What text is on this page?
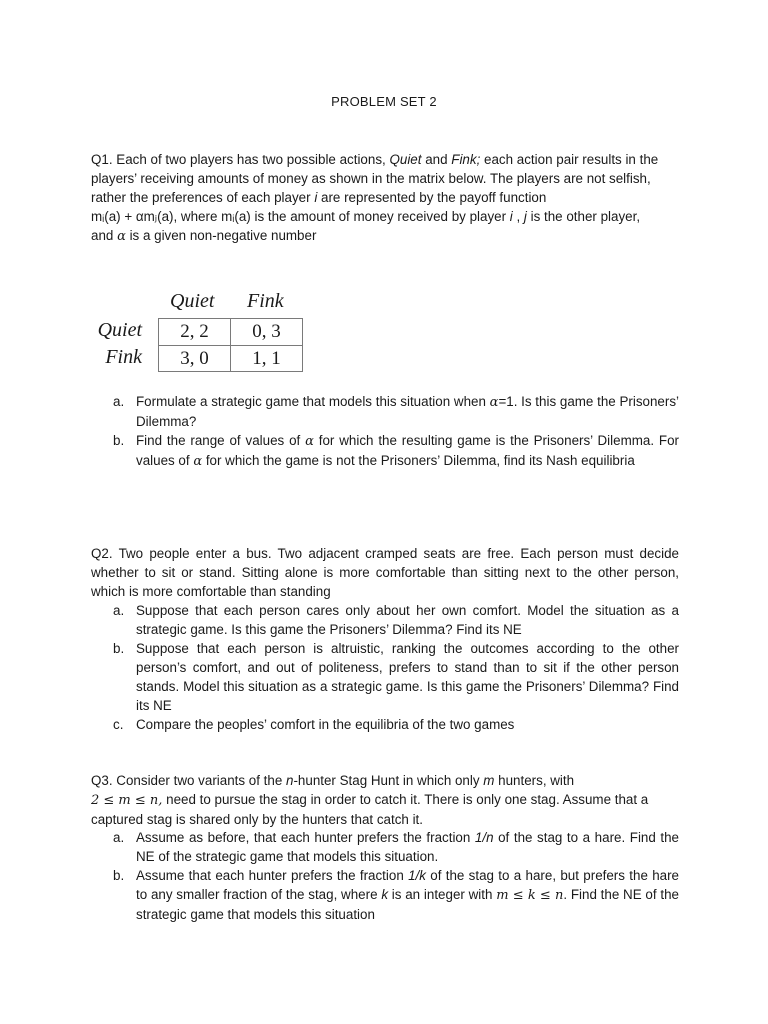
PROBLEM SET 2

Q1. Each of two players has two possible actions, Quiet and Fink; each action pair results in the players’ receiving amounts of money as shown in the matrix below. The players are not selfish, rather the preferences of each player i are represented by the payoff function
mᵢ(a) + αmⱼ(a), where mᵢ(a) is the amount of money received by player i , j is the other player,
and α is a given non-negative number

Quiet Fink
Quiet
Fink
2, 2	0, 3
3, 0	1, 1
a. Formulate a strategic game that models this situation when α=1. Is this game the Prisoners’ Dilemma?
b. Find the range of values of α for which the resulting game is the Prisoners’ Dilemma. For values of α for which the game is not the Prisoners’ Dilemma, find its Nash equilibria

Q2. Two people enter a bus. Two adjacent cramped seats are free. Each person must decide whether to sit or stand. Sitting alone is more comfortable than sitting next to the other person, which is more comfortable than standing

a. Suppose that each person cares only about her own comfort. Model the situation as a strategic game. Is this game the Prisoners’ Dilemma? Find its NE
b. Suppose that each person is altruistic, ranking the outcomes according to the other person’s comfort, and out of politeness, prefers to stand than to sit if the other person stands. Model this situation as a strategic game. Is this game the Prisoners’ Dilemma? Find its NE
c. Compare the peoples’ comfort in the equilibria of the two games

Q3. Consider two variants of the n-hunter Stag Hunt in which only m hunters, with
2 ≤ m ≤ n, need to pursue the stag in order to catch it. There is only one stag. Assume that a captured stag is shared only by the hunters that catch it.

a. Assume as before, that each hunter prefers the fraction 1/n of the stag to a hare. Find the NE of the strategic game that models this situation.
b. Assume that each hunter prefers the fraction 1/k of the stag to a hare, but prefers the hare to any smaller fraction of the stag, where k is an integer with m ≤ k ≤ n. Find the NE of the strategic game that models this situation
